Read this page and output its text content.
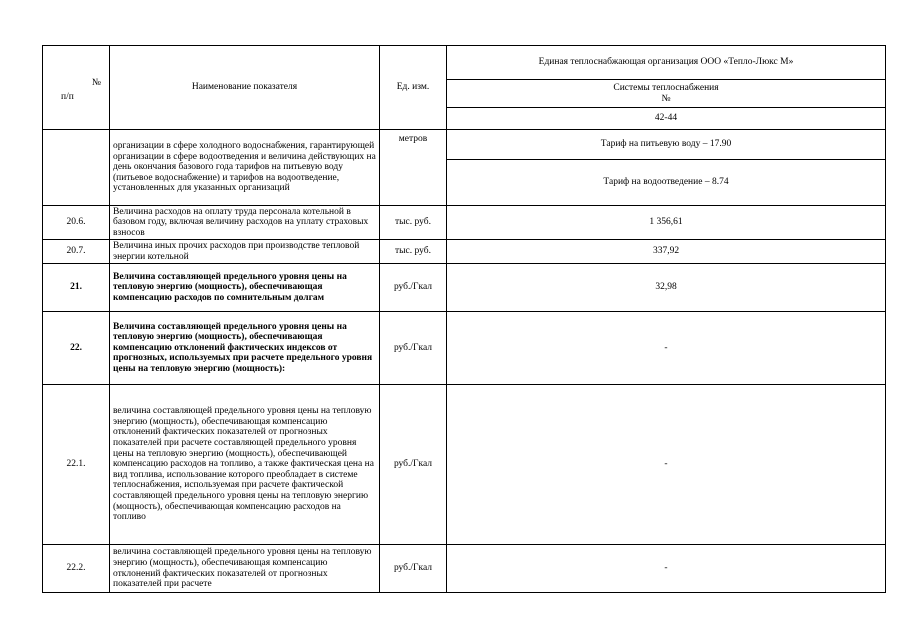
№
п/п	Наименование показателя	Ед. изм.	Единая теплоснабжающая организация ООО «Тепло-Люкс М»

			Системы теплоснабжения
№

			42-44
	организации в сфере холодного водоснабжения, гарантирующей организации в сфере водоотведения и величина действующих на день окончания базового года тарифов на питьевую воду (питьевое водоснабжение) и тарифов на водоотведение, установленных для указанных организаций	метров	Тариф на питьевую воду – 17.90
			Тариф на водоотведение – 8.74
20.6.	Величина расходов на оплату труда персонала котельной в базовом году, включая величину расходов на уплату страховых взносов	тыс. руб.	1 356,61
20.7.	Величина иных прочих расходов при производстве тепловой энергии котельной	тыс. руб.	337,92
21.	Величина составляющей предельного уровня цены на тепловую энергию (мощность), обеспечивающая компенсацию расходов по сомнительным долгам	руб./Гкал	32,98
22.	Величина составляющей предельного уровня цены на тепловую энергию (мощность), обеспечивающая компенсацию отклонений фактических индексов от прогнозных, используемых при расчете предельного уровня цены на тепловую энергию (мощность):	руб./Гкал	-
22.1.	величина составляющей предельного уровня цены на тепловую энергию (мощность), обеспечивающая компенсацию отклонений фактических показателей от прогнозных показателей при расчете составляющей предельного уровня цены на тепловую энергию (мощность), обеспечивающей компенсацию расходов на топливо, а также фактическая цена на вид топлива, использование которого преобладает в системе теплоснабжения, используемая при расчете фактической составляющей предельного уровня цены на тепловую энергию (мощность), обеспечивающая компенсацию расходов на топливо	руб./Гкал	-
22.2.	величина составляющей предельного уровня цены на тепловую энергию (мощность), обеспечивающая компенсацию отклонений фактических показателей от прогнозных показателей при расчете	руб./Гкал	-
